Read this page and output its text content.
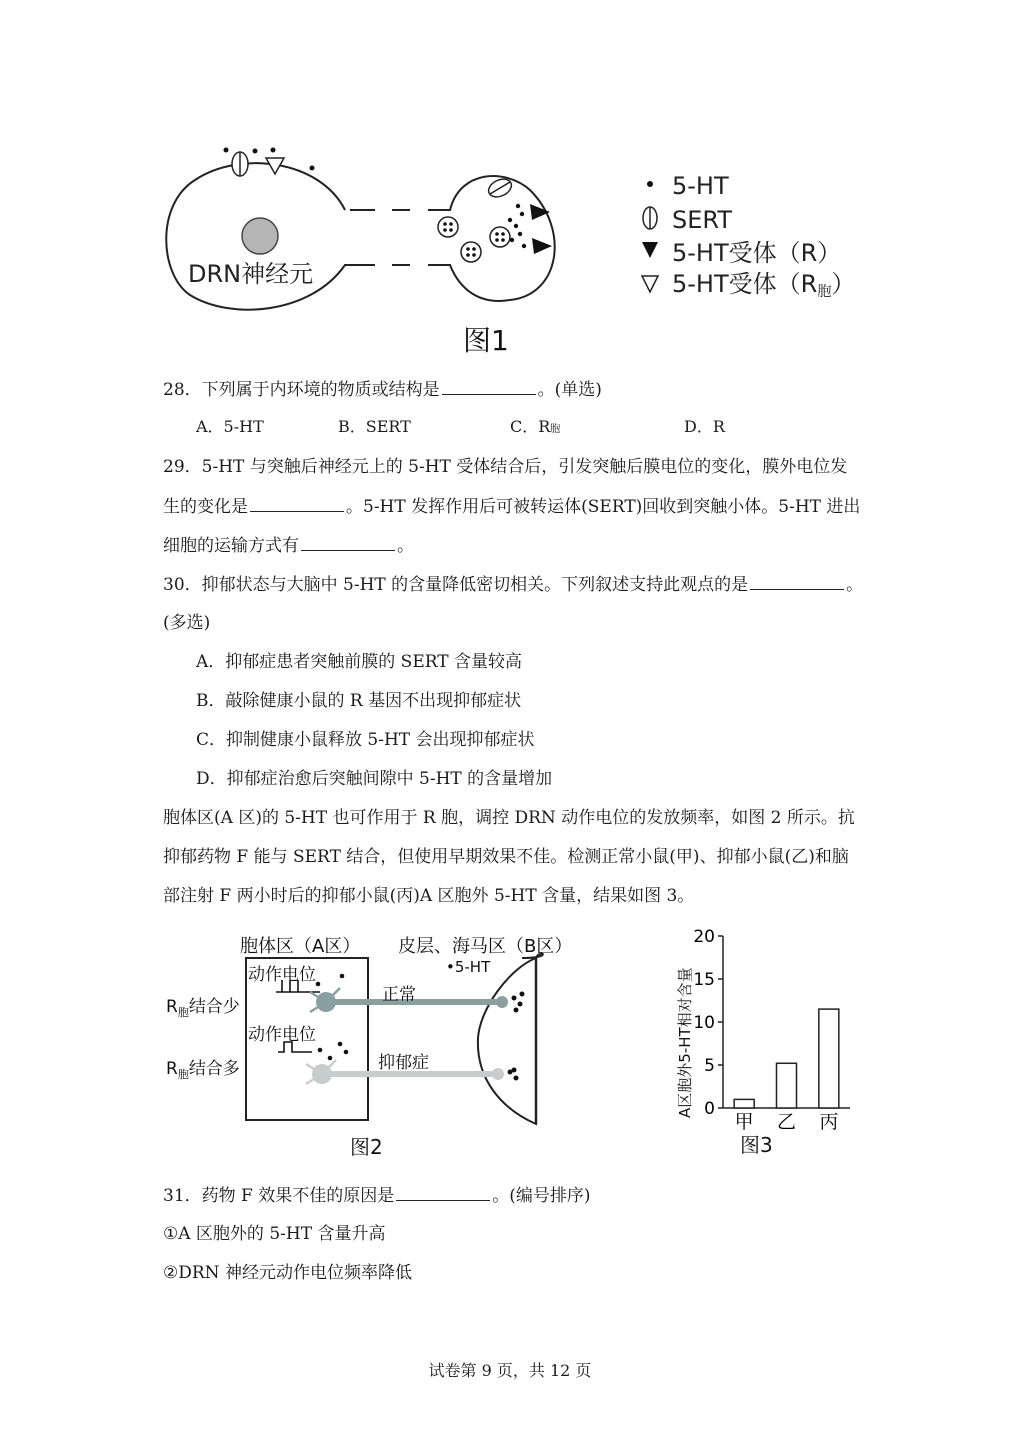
DRN神经元
5-HT
SERT
5-HT受体（R）
5-HT受体（R胞）
图1
28．下列属于内环境的物质或结构是	。(单选)
A．5-HT	B．SERT	C．R胞	D．R
29．5-HT 与突触后神经元上的 5-HT 受体结合后，引发突触后膜电位的变化，膜外电位发
生的变化是	。5-HT 发挥作用后可被转运体(SERT)回收到突触小体。5-HT 进出
细胞的运输方式有	。
30．抑郁状态与大脑中 5-HT 的含量降低密切相关。下列叙述支持此观点的是	。
(多选)
A．抑郁症患者突触前膜的 SERT 含量较高
B．敲除健康小鼠的 R 基因不出现抑郁症状
C．抑制健康小鼠释放 5-HT 会出现抑郁症状
D．抑郁症治愈后突触间隙中 5-HT 的含量增加
胞体区(A 区)的 5-HT 也可作用于 R 胞，调控 DRN 动作电位的发放频率，如图 2 所示。抗
抑郁药物 F 能与 SERT 结合，但使用早期效果不佳。检测正常小鼠(甲)、抑郁小鼠(乙)和脑
部注射 F 两小时后的抑郁小鼠(丙)A 区胞外 5-HT 含量，结果如图 3。
胞体区（A区） 皮层、海马区（B区）
•5-HT
动作电位
动作电位
$R_胞$结合少
$R_胞$结合多
正常
抑郁症
图2
A区胞外5-HT相对含量 0
5
10
15
20
甲 乙 丙
图3
31．药物 F 效果不佳的原因是	。(编号排序)
①A 区胞外的 5-HT 含量升高
②DRN 神经元动作电位频率降低
试卷第 9 页，共 12 页
